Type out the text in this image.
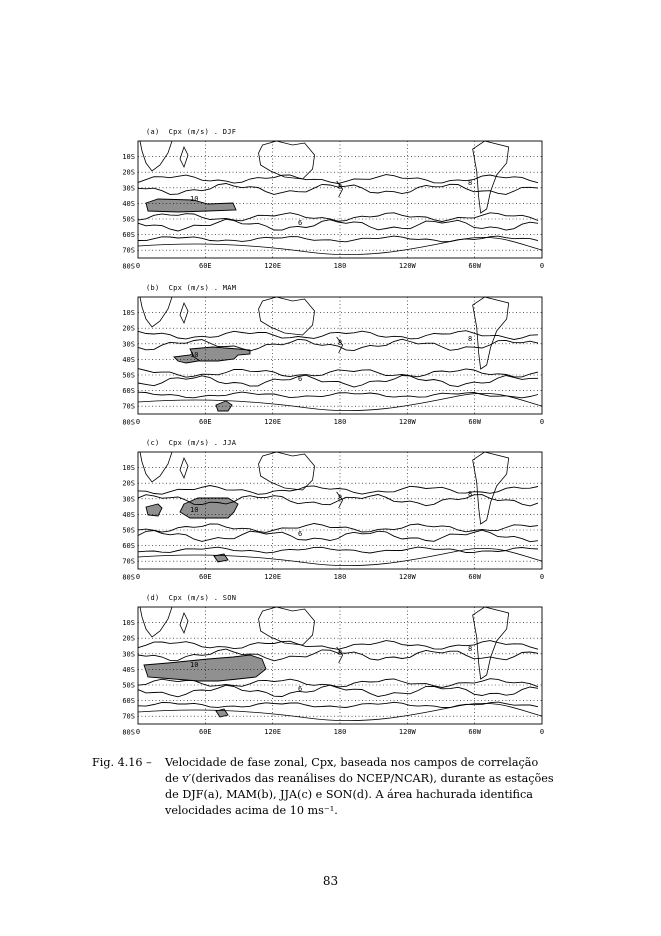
(a)  Cpx (m/s) . DJF
10
8	8
6
10S
20S
30S
40S
50S
60S
70S
80S 0	60E	120E	180	120W	60W	0
(b)  Cpx (m/s) . MAM
10
8	8
6
10S
20S
30S
40S
50S
60S
70S
80S 0	60E	120E	180	120W	60W	0
(c)  Cpx (m/s) . JJA
10
8	8
6
10S
20S
30S
40S
50S
60S
70S
80S 0	60E	120E	180	120W	60W	0
(d)  Cpx (m/s) . SON
10
8	8
6
10S
20S
30S
40S
50S
60S
70S
80S 0	60E	120E	180	120W	60W	0
Fig. 4.16 – Velocidade de fase zonal, Cpx, baseada nos campos de correlação
de v′(derivados das reanálises do NCEP/NCAR), durante as estações
de DJF(a), MAM(b), JJA(c) e SON(d). A área hachurada identifica
velocidades acima de 10 ms⁻¹.
83
